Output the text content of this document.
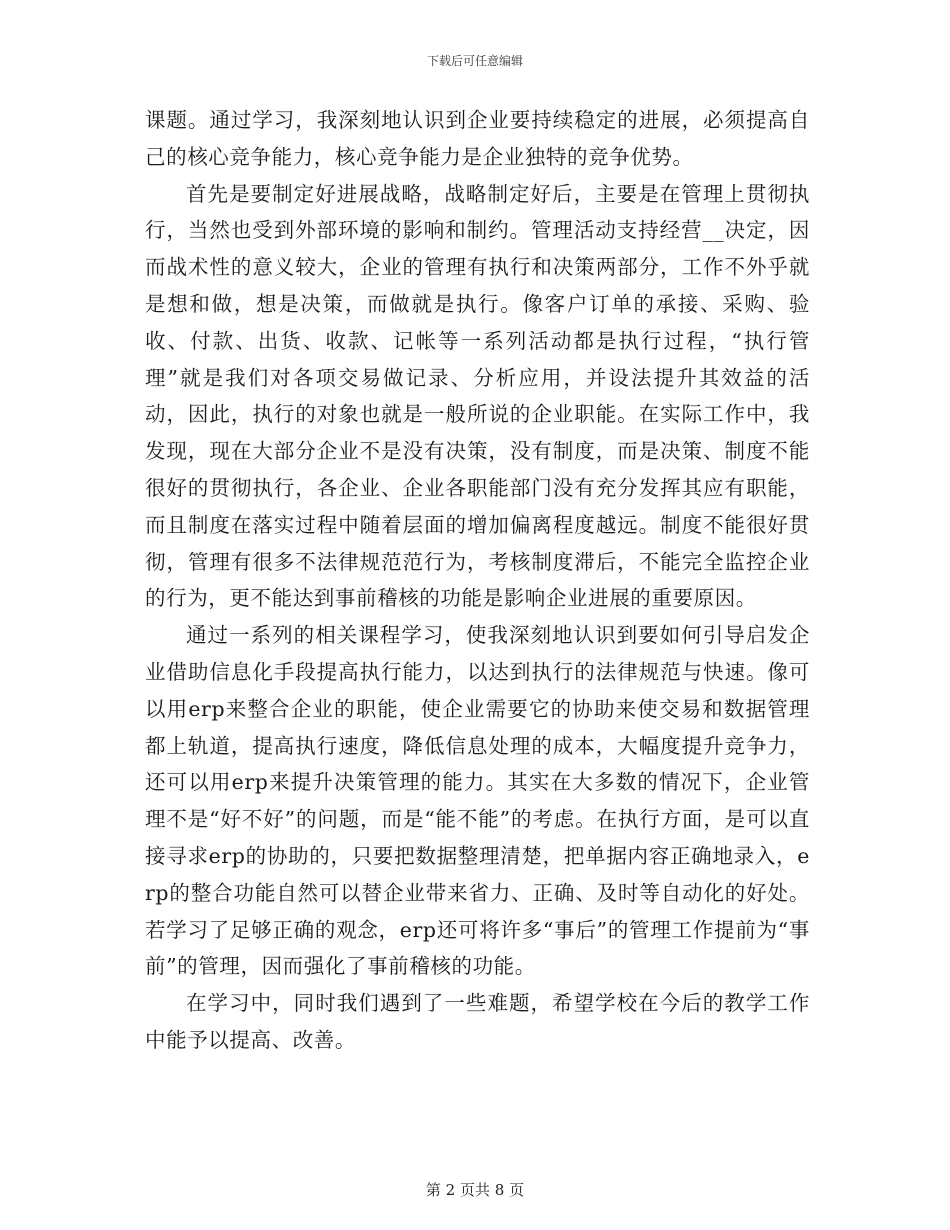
下载后可任意编辑

课题。通过学习，我深刻地认识到企业要持续稳定的进展，必须提高自己的核心竞争能力，核心竞争能力是企业独特的竞争优势。

首先是要制定好进展战略，战略制定好后，主要是在管理上贯彻执行，当然也受到外部环境的影响和制约。管理活动支持经营__决定，因而战术性的意义较大，企业的管理有执行和决策两部分，工作不外乎就是想和做，想是决策，而做就是执行。像客户订单的承接、采购、验收、付款、出货、收款、记帐等一系列活动都是执行过程，“执行管理”就是我们对各项交易做记录、分析应用，并设法提升其效益的活动，因此，执行的对象也就是一般所说的企业职能。在实际工作中，我发现，现在大部分企业不是没有决策，没有制度，而是决策、制度不能很好的贯彻执行，各企业、企业各职能部门没有充分发挥其应有职能，而且制度在落实过程中随着层面的增加偏离程度越远。制度不能很好贯彻，管理有很多不法律规范范行为，考核制度滞后，不能完全监控企业的行为，更不能达到事前稽核的功能是影响企业进展的重要原因。

通过一系列的相关课程学习，使我深刻地认识到要如何引导启发企业借助信息化手段提高执行能力，以达到执行的法律规范与快速。像可以用erp来整合企业的职能，使企业需要它的协助来使交易和数据管理都上轨道，提高执行速度，降低信息处理的成本，大幅度提升竞争力，还可以用erp来提升决策管理的能力。其实在大多数的情况下，企业管理不是“好不好”的问题，而是“能不能”的考虑。在执行方面，是可以直接寻求erp的协助的，只要把数据整理清楚，把单据内容正确地录入，erp的整合功能自然可以替企业带来省力、正确、及时等自动化的好处。若学习了足够正确的观念，erp还可将许多“事后”的管理工作提前为“事前”的管理，因而强化了事前稽核的功能。

在学习中，同时我们遇到了一些难题，希望学校在今后的教学工作中能予以提高、改善。

第 2 页共 8 页
